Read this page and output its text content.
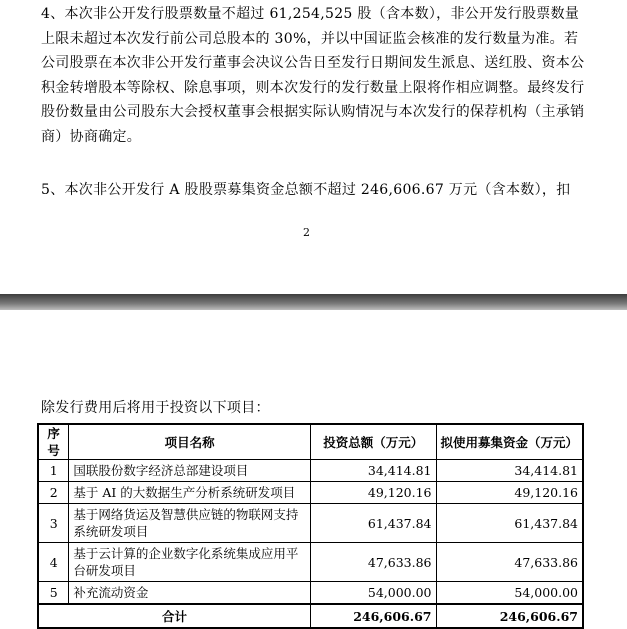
4、本次非公开发行股票数量不超过 61,254,525 股（含本数），非公开发行股票数量上限未超过本次发行前公司总股本的 30%，并以中国证监会核准的发行数量为准。若公司股票在本次非公开发行董事会决议公告日至发行日期间发生派息、送红股、资本公积金转增股本等除权、除息事项，则本次发行的发行数量上限将作相应调整。最终发行股份数量由公司股东大会授权董事会根据实际认购情况与本次发行的保荐机构（主承销商）协商确定。

5、本次非公开发行 A 股股票募集资金总额不超过 246,606.67 万元（含本数），扣

2

除发行费用后将用于投资以下项目：

序号	项目名称	投资总额（万元）	拟使用募集资金（万元）
1	国联股份数字经济总部建设项目	34,414.81	34,414.81
2	基于 AI 的大数据生产分析系统研发项目	49,120.16	49,120.16
3	基于网络货运及智慧供应链的物联网支持系统研发项目	61,437.84	61,437.84
4	基于云计算的企业数字化系统集成应用平台研发项目	47,633.86	47,633.86
5	补充流动资金	54,000.00	54,000.00
合计		246,606.67	246,606.67
